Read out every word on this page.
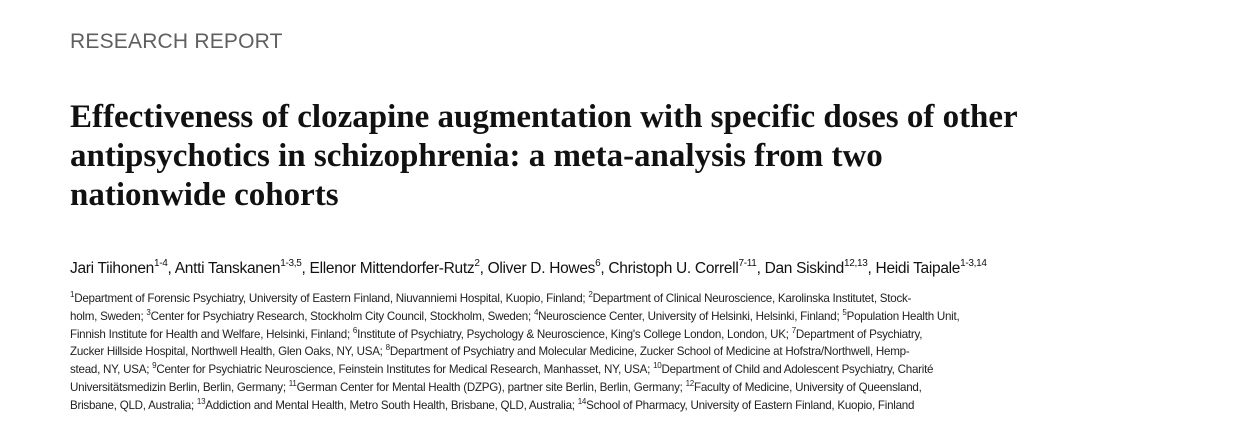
RESEARCH REPORT
Effectiveness of clozapine augmentation with specific doses of other
antipsychotics in schizophrenia: a meta-analysis from two
nationwide cohorts
Jari Tiihonen$^{1-4}$, Antti Tanskanen$^{1-3,5}$, Ellenor Mittendorfer-Rutz$^2$, Oliver D. Howes$^6$, Christoph U. Correll$^{7-11}$, Dan Siskind$^{12,13}$, Heidi Taipale$^{1-3,14}$
$^1$Department of Forensic Psychiatry, University of Eastern Finland, Niuvanniemi Hospital, Kuopio, Finland; $^2$Department of Clinical Neuroscience, Karolinska Institutet, Stock-
holm, Sweden; $^3$Center for Psychiatry Research, Stockholm City Council, Stockholm, Sweden; $^4$Neuroscience Center, University of Helsinki, Helsinki, Finland; $^5$Population Health Unit,
Finnish Institute for Health and Welfare, Helsinki, Finland; $^6$Institute of Psychiatry, Psychology & Neuroscience, King's College London, London, UK; $^7$Department of Psychiatry,
Zucker Hillside Hospital, Northwell Health, Glen Oaks, NY, USA; $^8$Department of Psychiatry and Molecular Medicine, Zucker School of Medicine at Hofstra/Northwell, Hemp-
stead, NY, USA; $^9$Center for Psychiatric Neuroscience, Feinstein Institutes for Medical Research, Manhasset, NY, USA; $^{10}$Department of Child and Adolescent Psychiatry, Charité
Universitätsmedizin Berlin, Berlin, Germany; $^{11}$German Center for Mental Health (DZPG), partner site Berlin, Berlin, Germany; $^{12}$Faculty of Medicine, University of Queensland,
Brisbane, QLD, Australia; $^{13}$Addiction and Mental Health, Metro South Health, Brisbane, QLD, Australia; $^{14}$School of Pharmacy, University of Eastern Finland, Kuopio, Finland
